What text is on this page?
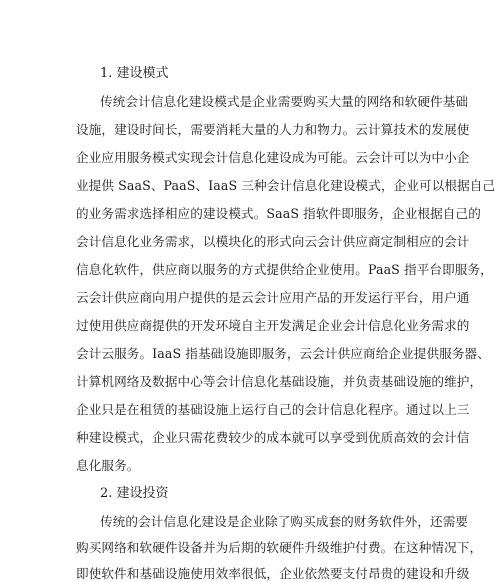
1. 建设模式
传统会计信息化建设模式是企业需要购买大量的网络和软硬件基础
设施，建设时间长，需要消耗大量的人力和物力。云计算技术的发展使
企业应用服务模式实现会计信息化建设成为可能。云会计可以为中小企
业提供 SaaS、PaaS、IaaS 三种会计信息化建设模式，企业可以根据自己
的业务需求选择相应的建设模式。SaaS 指软件即服务，企业根据自己的
会计信息化业务需求，以模块化的形式向云会计供应商定制相应的会计
信息化软件，供应商以服务的方式提供给企业使用。PaaS 指平台即服务，
云会计供应商向用户提供的是云会计应用产品的开发运行平台，用户通
过使用供应商提供的开发环境自主开发满足企业会计信息化业务需求的
会计云服务。IaaS 指基础设施即服务，云会计供应商给企业提供服务器、
计算机网络及数据中心等会计信息化基础设施，并负责基础设施的维护，
企业只是在租赁的基础设施上运行自己的会计信息化程序。通过以上三
种建设模式，企业只需花费较少的成本就可以享受到优质高效的会计信
息化服务。
2. 建设投资
传统的会计信息化建设是企业除了购买成套的财务软件外，还需要
购买网络和软硬件设备并为后期的软硬件升级维护付费。在这种情况下，
即使软件和基础设施使用效率很低，企业依然要支付昂贵的建设和升级
